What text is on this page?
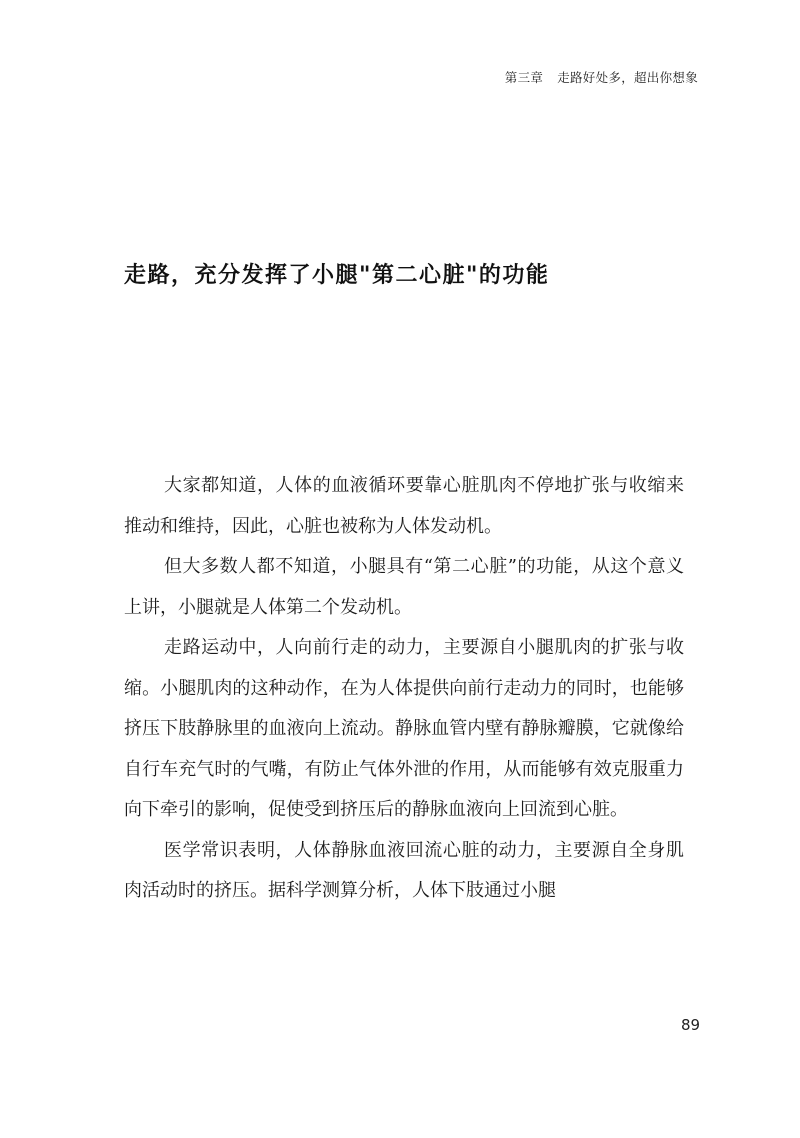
第三章 走路好处多，超出你想象
走路，充分发挥了小腿"第二心脏"的功能

大家都知道，人体的血液循环要靠心脏肌肉不停地扩张与收缩来推动和维持，因此，心脏也被称为人体发动机。

但大多数人都不知道，小腿具有“第二心脏”的功能，从这个意义上讲，小腿就是人体第二个发动机。

走路运动中，人向前行走的动力，主要源自小腿肌肉的扩张与收缩。小腿肌肉的这种动作，在为人体提供向前行走动力的同时，也能够挤压下肢静脉里的血液向上流动。静脉血管内壁有静脉瓣膜，它就像给自行车充气时的气嘴，有防止气体外泄的作用，从而能够有效克服重力向下牵引的影响，促使受到挤压后的静脉血液向上回流到心脏。

医学常识表明，人体静脉血液回流心脏的动力，主要源自全身肌肉活动时的挤压。据科学测算分析，人体下肢通过小腿

89
